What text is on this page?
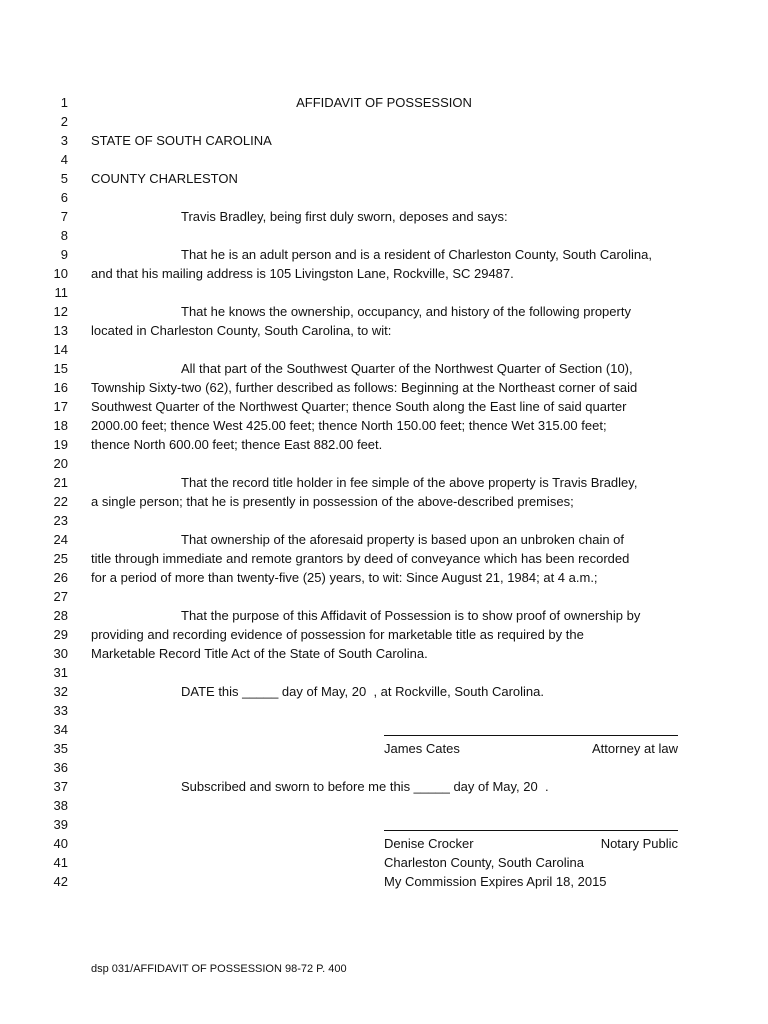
1
2
3
4
5
6
7
8
9
10
11
12
13
14
15
16
17
18
19
20
21
22
23
24
25
26
27
28
29
30
31
32
33
34
35
36
37
38
39
40
41
42
AFFIDAVIT OF POSSESSION
STATE OF SOUTH CAROLINA
COUNTY CHARLESTON
Travis Bradley, being first duly sworn, deposes and says:
That he is an adult person and is a resident of Charleston County, South Carolina,
and that his mailing address is 105 Livingston Lane, Rockville, SC 29487.
That he knows the ownership, occupancy, and history of the following property
located in Charleston County, South Carolina, to wit:
All that part of the Southwest Quarter of the Northwest Quarter of Section (10),
Township Sixty-two (62), further described as follows: Beginning at the Northeast corner of said
Southwest Quarter of the Northwest Quarter; thence South along the East line of said quarter
2000.00 feet; thence West 425.00 feet; thence North 150.00 feet; thence Wet 315.00 feet;
thence North 600.00 feet; thence East 882.00 feet.
That the record title holder in fee simple of the above property is Travis Bradley,
a single person; that he is presently in possession of the above-described premises;
That ownership of the aforesaid property is based upon an unbroken chain of
title through immediate and remote grantors by deed of conveyance which has been recorded
for a period of more than twenty-five (25) years, to wit: Since August 21, 1984; at 4 a.m.;
That the purpose of this Affidavit of Possession is to show proof of ownership by
providing and recording evidence of possession for marketable title as required by the
Marketable Record Title Act of the State of South Carolina.
DATE this _____ day of May, 20  , at Rockville, South Carolina.
James Cates	Attorney at law
Subscribed and sworn to before me this _____ day of May, 20  .
Denise Crocker	Notary Public
Charleston County, South Carolina
My Commission Expires April 18, 2015
dsp 031/AFFIDAVIT OF POSSESSION 98-72 P. 400
